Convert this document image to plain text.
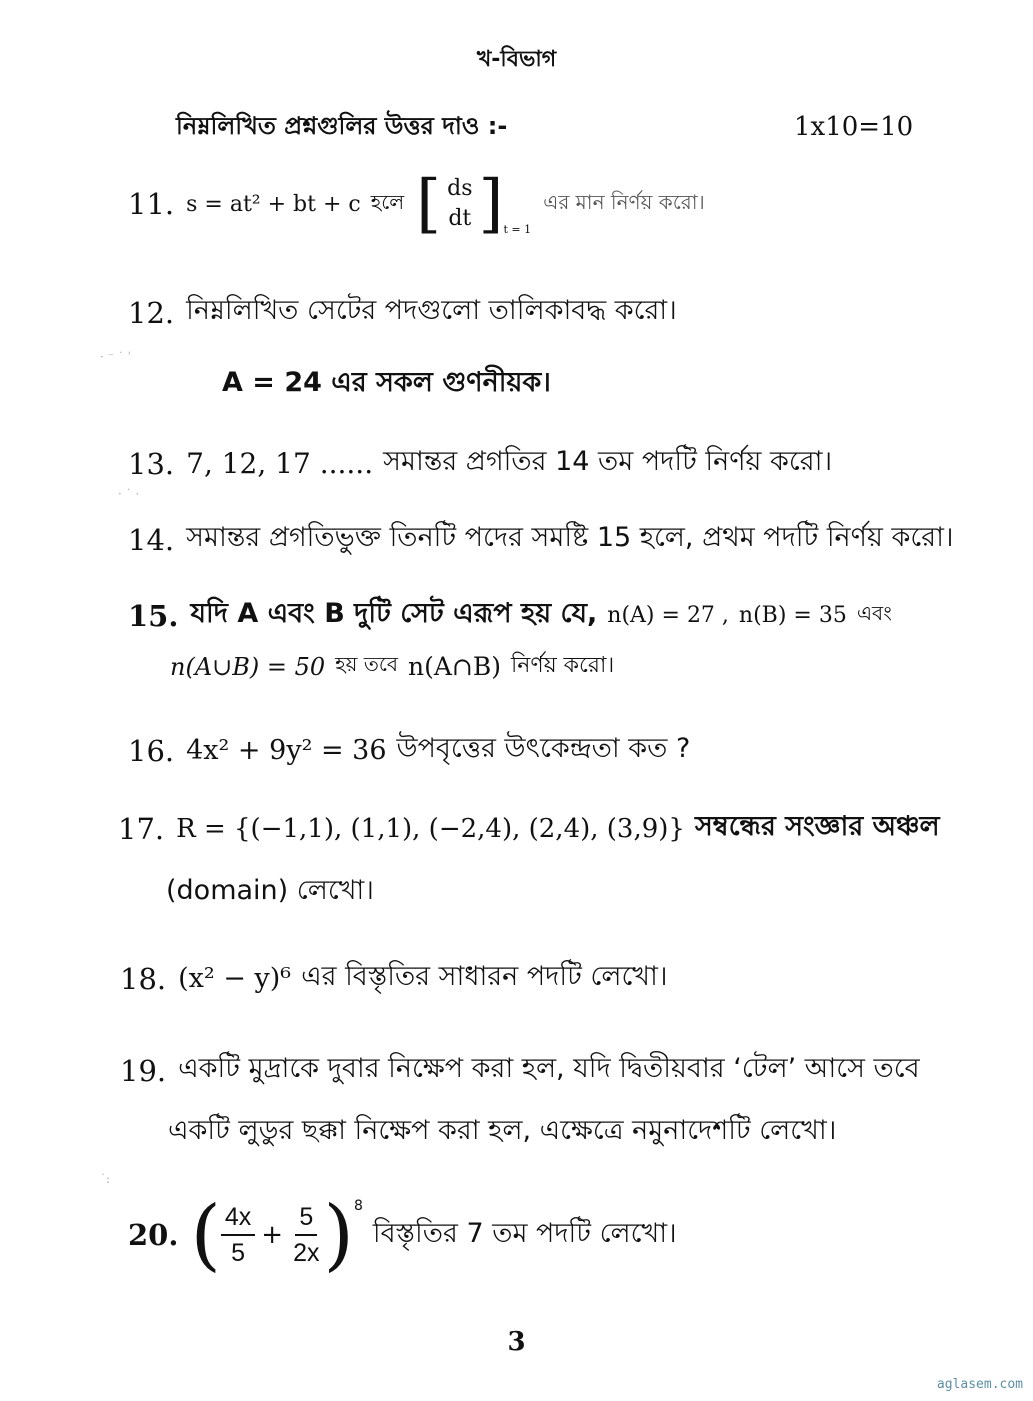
খ-বিভাগ
নিম্নলিখিত প্রশ্নগুলির উত্তর দাও :-	1x10=10
11. s = at² + bt + c হলে [ ds
dt ] t = 1
এর মান নির্ণয় করো।
12. নিম্নলিখিত সেটের পদগুলো তালিকাবদ্ধ করো।
A = 24 এর সকল গুণনীয়ক।
13. 7, 12, 17 ...... সমান্তর প্রগতির 14 তম পদটি নির্ণয় করো।
14. সমান্তর প্রগতিভুক্ত তিনটি পদের সমষ্টি 15 হলে, প্রথম পদটি নির্ণয় করো।
15. যদি A এবং B দুটি সেট এরূপ হয় যে, n(A) = 27 , n(B) = 35 এবং
n(A∪B) = 50 হয় তবে n(A∩B) নির্ণয় করো।
16. 4x² + 9y² = 36 উপবৃত্তের উৎকেন্দ্রতা কত ?
17. R = {(−1,1), (1,1), (−2,4), (2,4), (3,9)} সম্বন্ধের সংজ্ঞার অঞ্চল
(domain) লেখো।
18. (x² − y)⁶ এর বিস্তৃতির সাধারন পদটি লেখো।
19. একটি মুদ্রাকে দুবার নিক্ষেপ করা হল, যদি দ্বিতীয়বার ‘টেল’ আসে তবে
একটি লুডুর ছক্কা নিক্ষেপ করা হল, এক্ষেত্রে নমুনাদেশটি লেখো।
20. ( $\frac{4x}{5} + \frac{5}{2x}$ ) 8
বিস্তৃতির 7 তম পদটি লেখো।
3
aglasem.com
· ⁻ ˙ ˈ
· ˙ ·
˙:
